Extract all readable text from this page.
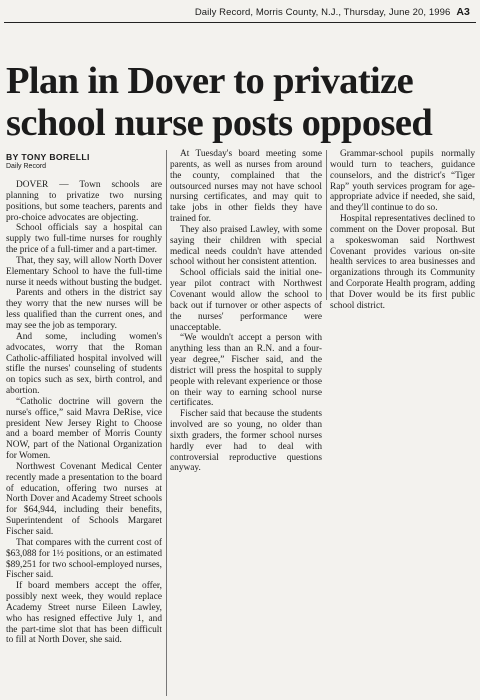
Daily Record, Morris County, N.J., Thursday, June 20, 1996 A3
Plan in Dover to privatize
school nurse posts opposed
BY TONY BORELLI
Daily Record

DOVER — Town schools are planning to privatize two nursing positions, but some teachers, parents and pro-choice advocates are objecting.

School officials say a hospital can supply two full-time nurses for roughly the price of a full-timer and a part-timer.

That, they say, will allow North Dover Elementary School to have the full-time nurse it needs without busting the budget.

Parents and others in the district say they worry that the new nurses will be less qualified than the current ones, and may see the job as temporary.

And some, including women's advocates, worry that the Roman Catholic-affiliated hospital involved will stifle the nurses' counseling of students on topics such as sex, birth control, and abortion.

“Catholic doctrine will govern the nurse's office,” said Mavra DeRise, vice president New Jersey Right to Choose and a board member of Morris County NOW, part of the National Organization for Women.

Northwest Covenant Medical Center recently made a presentation to the board of education, offering two nurses at North Dover and Academy Street schools for $64,944, including their benefits, Superintendent of Schools Margaret Fischer said.

That compares with the current cost of $63,088 for 1½ positions, or an estimated $89,251 for two school-employed nurses, Fischer said.

If board members accept the offer, possibly next week, they would replace Academy Street nurse Eileen Lawley, who has resigned effective July 1, and the part-time slot that has been difficult to fill at North Dover, she said.

At Tuesday's board meeting some parents, as well as nurses from around the county, complained that the outsourced nurses may not have school nursing certificates, and may quit to take jobs in other fields they have trained for.

They also praised Lawley, with some saying their children with special medical needs couldn't have attended school without her consistent attention.

School officials said the initial one-year pilot contract with Northwest Covenant would allow the school to back out if turnover or other aspects of the nurses' performance were unacceptable.

“We wouldn't accept a person with anything less than an R.N. and a four-year degree,” Fischer said, and the district will press the hospital to supply people with relevant experience or those on their way to earning school nurse certificates.

Fischer said that because the students involved are so young, no older than sixth graders, the former school nurses hardly ever had to deal with controversial reproductive questions anyway.

Grammar-school pupils normally would turn to teachers, guidance counselors, and the district's “Tiger Rap” youth services program for age-appropriate advice if needed, she said, and they'll continue to do so.

Hospital representatives declined to comment on the Dover proposal. But a spokeswoman said Northwest Covenant provides various on-site health services to area businesses and organizations through its Community and Corporate Health program, adding that Dover would be its first public school district.
